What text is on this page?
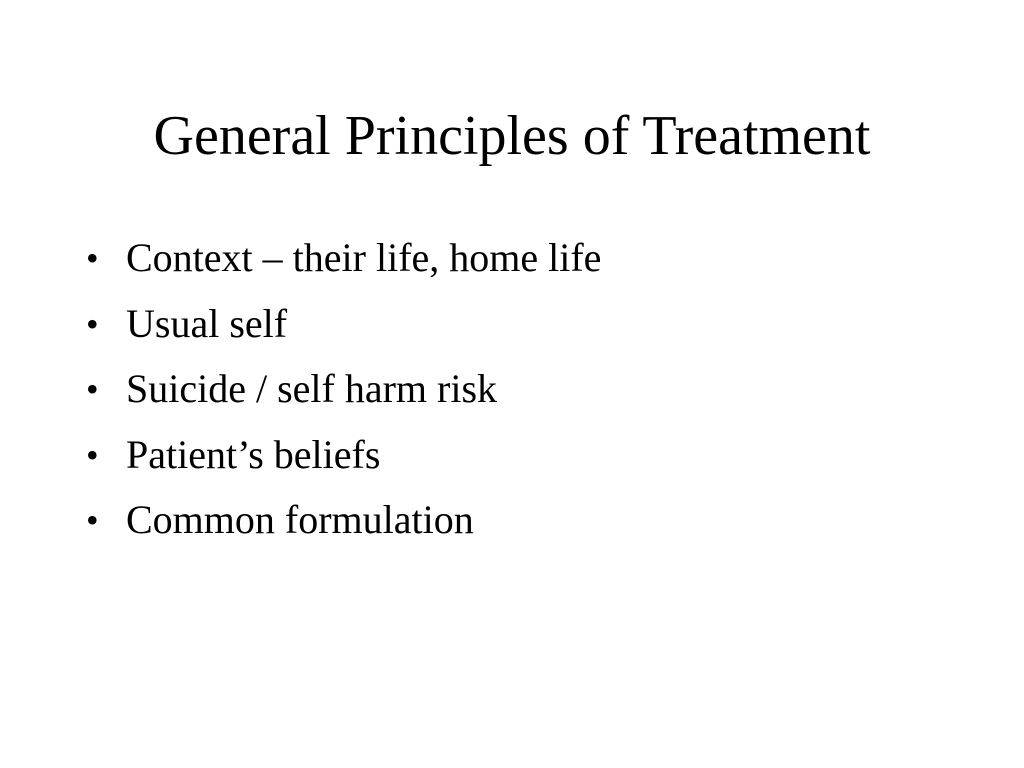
General Principles of Treatment
• Context – their life, home life
• Usual self
• Suicide / self harm risk
• Patient’s beliefs
• Common formulation
